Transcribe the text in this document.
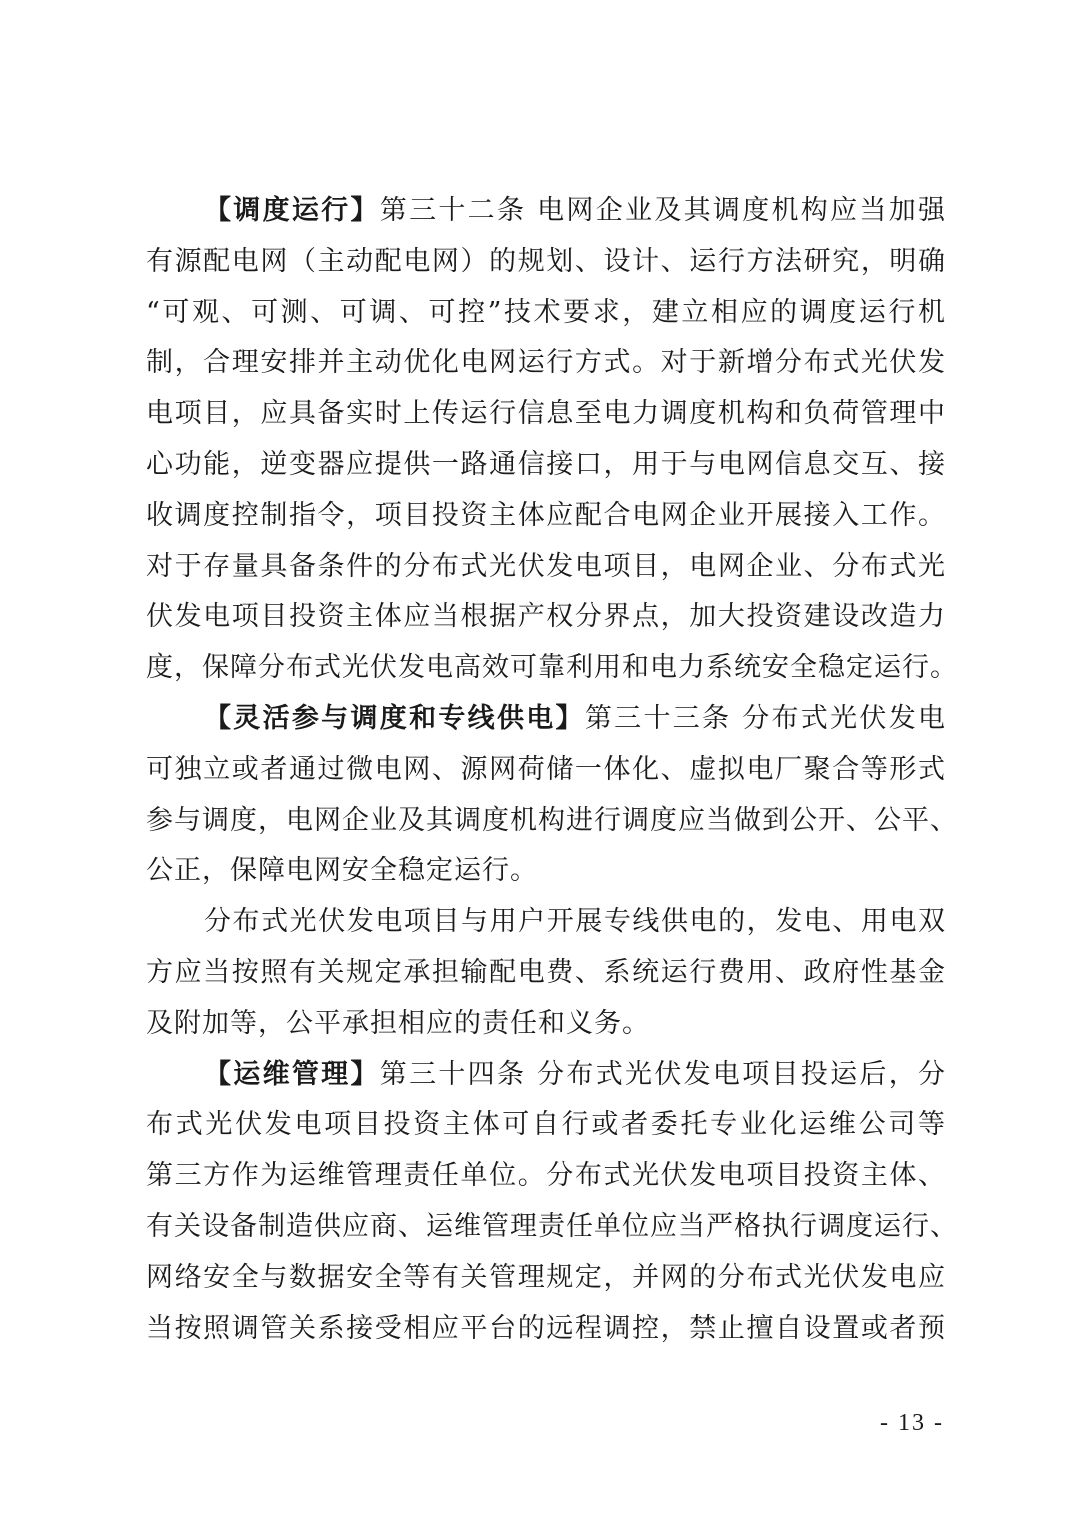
【调度运行】第三十二条 电网企业及其调度机构应当加强
有源配电网（主动配电网）的规划、设计、运行方法研究，明确
“可观、可测、可调、可控”技术要求，建立相应的调度运行机
制，合理安排并主动优化电网运行方式。对于新增分布式光伏发
电项目，应具备实时上传运行信息至电力调度机构和负荷管理中
心功能，逆变器应提供一路通信接口，用于与电网信息交互、接
收调度控制指令，项目投资主体应配合电网企业开展接入工作。
对于存量具备条件的分布式光伏发电项目，电网企业、分布式光
伏发电项目投资主体应当根据产权分界点，加大投资建设改造力
度，保障分布式光伏发电高效可靠利用和电力系统安全稳定运行。
【灵活参与调度和专线供电】第三十三条 分布式光伏发电
可独立或者通过微电网、源网荷储一体化、虚拟电厂聚合等形式
参与调度，电网企业及其调度机构进行调度应当做到公开、公平、
公正，保障电网安全稳定运行。
分布式光伏发电项目与用户开展专线供电的，发电、用电双
方应当按照有关规定承担输配电费、系统运行费用、政府性基金
及附加等，公平承担相应的责任和义务。
【运维管理】第三十四条 分布式光伏发电项目投运后，分
布式光伏发电项目投资主体可自行或者委托专业化运维公司等
第三方作为运维管理责任单位。分布式光伏发电项目投资主体、
有关设备制造供应商、运维管理责任单位应当严格执行调度运行、
网络安全与数据安全等有关管理规定，并网的分布式光伏发电应
当按照调管关系接受相应平台的远程调控，禁止擅自设置或者预
- 13 -
